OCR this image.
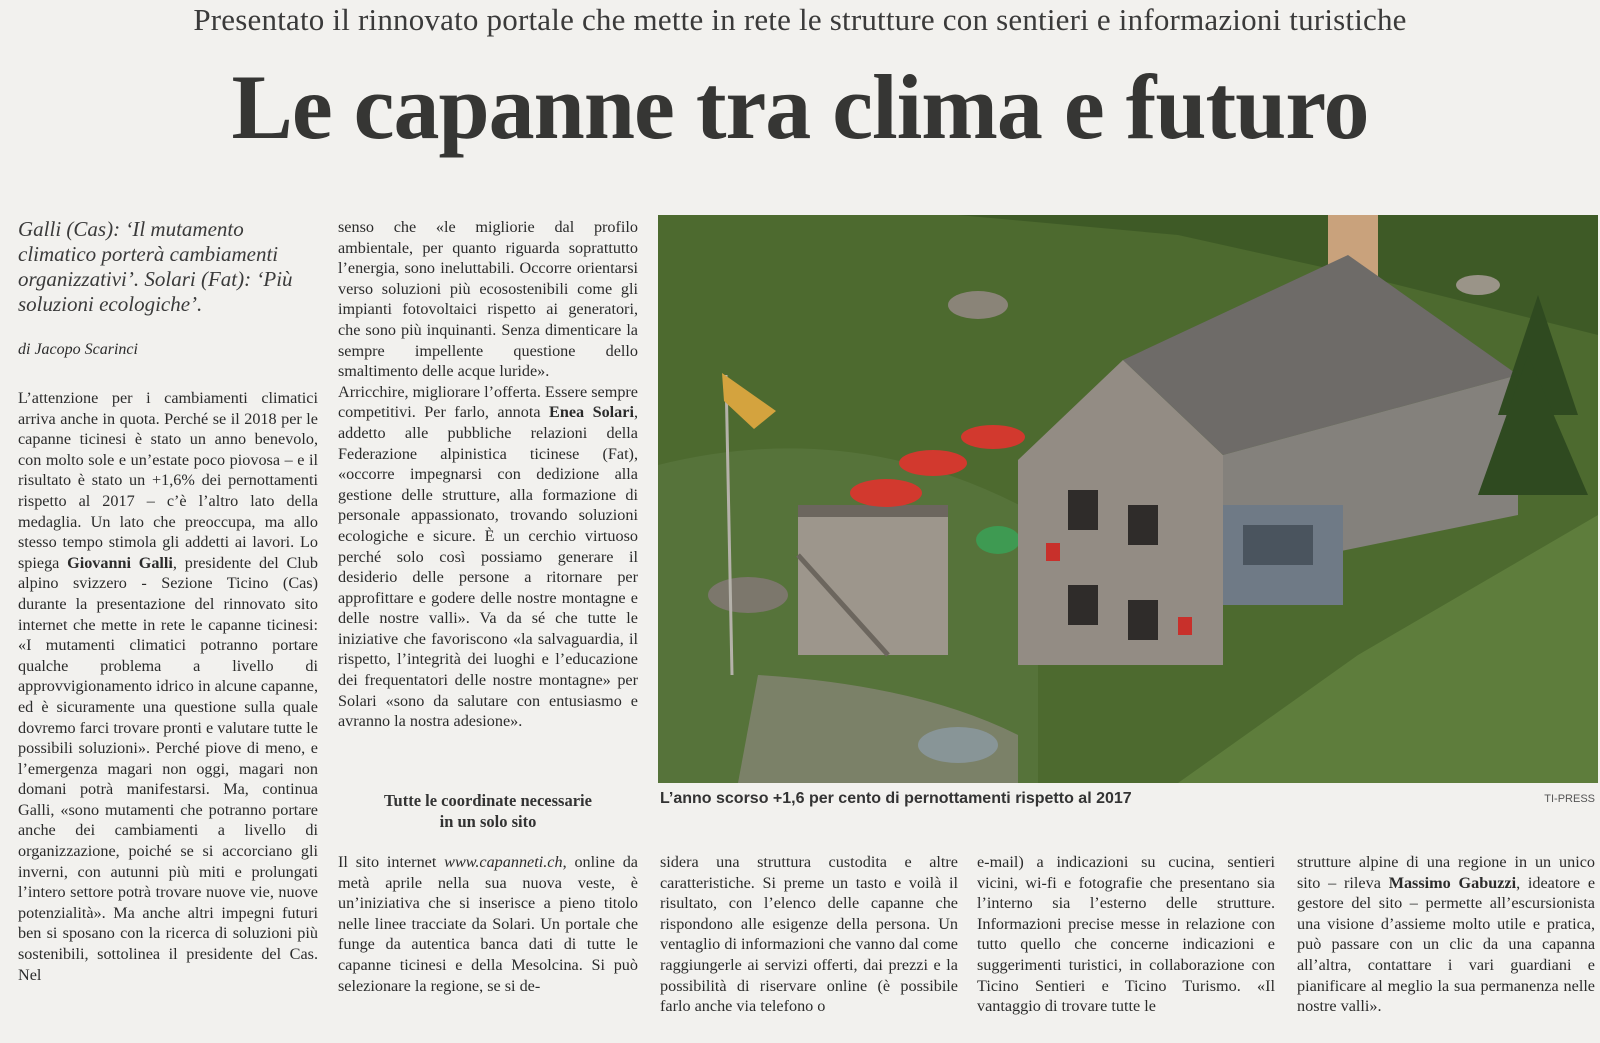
Presentato il rinnovato portale che mette in rete le strutture con sentieri e informazioni turistiche
Le capanne tra clima e futuro
Galli (Cas): ‘Il mutamento climatico porterà cambiamenti organizzativi’. Solari (Fat): ‘Più soluzioni ecologiche’.
di Jacopo Scarinci

L’attenzione per i cambiamenti climatici arriva anche in quota. Perché se il 2018 per le capanne ticinesi è stato un anno benevolo, con molto sole e un’estate poco piovosa – e il risultato è stato un +1,6% dei pernottamenti rispetto al 2017 – c’è l’altro lato della medaglia. Un lato che preoccupa, ma allo stesso tempo stimola gli addetti ai lavori. Lo spiega Giovanni Galli, presidente del Club alpino svizzero - Sezione Ticino (Cas) durante la presentazione del rinnovato sito internet che mette in rete le capanne ticinesi: «I mutamenti climatici potranno portare qualche problema a livello di approvvigionamento idrico in alcune capanne, ed è sicuramente una questione sulla quale dovremo farci trovare pronti e valutare tutte le possibili soluzioni». Perché piove di meno, e l’emergenza magari non oggi, magari non domani potrà manifestarsi. Ma, continua Galli, «sono mutamenti che potranno portare anche dei cambiamenti a livello di organizzazione, poiché se si accorciano gli inverni, con autunni più miti e prolungati l’intero settore potrà trovare nuove vie, nuove potenzialità». Ma anche altri impegni futuri ben si sposano con la ricerca di soluzioni più sostenibili, sottolinea il presidente del Cas. Nel

senso che «le migliorie dal profilo ambientale, per quanto riguarda soprattutto l’energia, sono ineluttabili. Occorre orientarsi verso soluzioni più ecosostenibili come gli impianti fotovoltaici rispetto ai generatori, che sono più inquinanti. Senza dimenticare la sempre impellente questione dello smaltimento delle acque luride».

Arricchire, migliorare l’offerta. Essere sempre competitivi. Per farlo, annota Enea Solari, addetto alle pubbliche relazioni della Federazione alpinistica ticinese (Fat), «occorre impegnarsi con dedizione alla gestione delle strutture, alla formazione di personale appassionato, trovando soluzioni ecologiche e sicure. È un cerchio virtuoso perché solo così possiamo generare il desiderio delle persone a ritornare per approfittare e godere delle nostre montagne e delle nostre valli». Va da sé che tutte le iniziative che favoriscono «la salvaguardia, il rispetto, l’integrità dei luoghi e l’educazione dei frequentatori delle nostre montagne» per Solari «sono da salutare con entusiasmo e avranno la nostra adesione».

Tutte le coordinate necessarie
in un solo sito

Il sito internet www.capanneti.ch, online da metà aprile nella sua nuova veste, è un’iniziativa che si inserisce a pieno titolo nelle linee tracciate da Solari. Un portale che funge da autentica banca dati di tutte le capanne ticinesi e della Mesolcina. Si può selezionare la regione, se si de-

sidera una struttura custodita e altre caratteristiche. Si preme un tasto e voilà il risultato, con l’elenco delle capanne che rispondono alle esigenze della persona. Un ventaglio di informazioni che vanno dal come raggiungerle ai servizi offerti, dai prezzi e la possibilità di riservare online (è possibile farlo anche via telefono o

e-mail) a indicazioni su cucina, sentieri vicini, wi-fi e fotografie che presentano sia l’interno sia l’esterno delle strutture. Informazioni precise messe in relazione con tutto quello che concerne indicazioni e suggerimenti turistici, in collaborazione con Ticino Sentieri e Ticino Turismo. «Il vantaggio di trovare tutte le

strutture alpine di una regione in un unico sito – rileva Massimo Gabuzzi, ideatore e gestore del sito – permette all’escursionista una visione d’assieme molto utile e pratica, può passare con un clic da una capanna all’altra, contattare i vari guardiani e pianificare al meglio la sua permanenza nelle nostre valli».

L’anno scorso +1,6 per cento di pernottamenti rispetto al 2017	TI-PRESS
